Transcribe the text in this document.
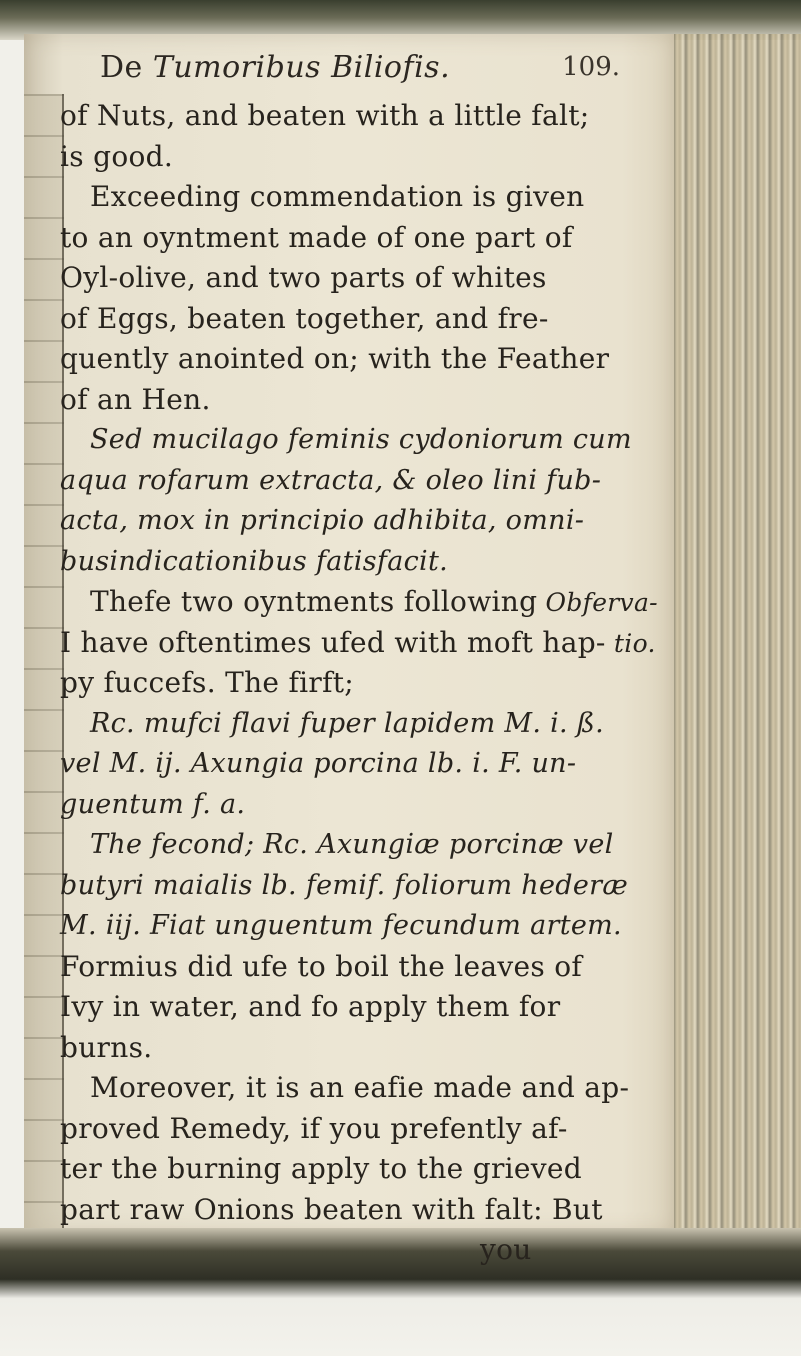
De Tumoribus Biliofis.	109.
of Nuts, and beaten with a little falt;
is good.
Exceeding commendation is given
to an oyntment made of one part of
Oyl-olive, and two parts of whites
of Eggs, beaten together, and fre-
quently anointed on; with the Feather
of an Hen.
Sed mucilago feminis cydoniorum cum
aqua rofarum extracta, & oleo lini fub-
acta, mox in principio adhibita, omni-
busindicationibus fatisfacit.
Thefe two oyntments following Obferva-
I have oftentimes ufed with moft hap- tio.
py fuccefs. The firft;
Rc. mufci flavi fuper lapidem M. i. ß.
vel M. ij. Axungia porcina lb. i. F. un-
guentum f. a.
The fecond; Rc. Axungiæ porcinæ vel
butyri maialis lb. femif. foliorum hederæ
M. iij. Fiat unguentum fecundum artem.
Formius did ufe to boil the leaves of
Ivy in water, and fo apply them for
burns.
Moreover, it is an eafie made and ap-
proved Remedy, if you prefently af-
ter the burning apply to the grieved
part raw Onions beaten with falt: But
you
